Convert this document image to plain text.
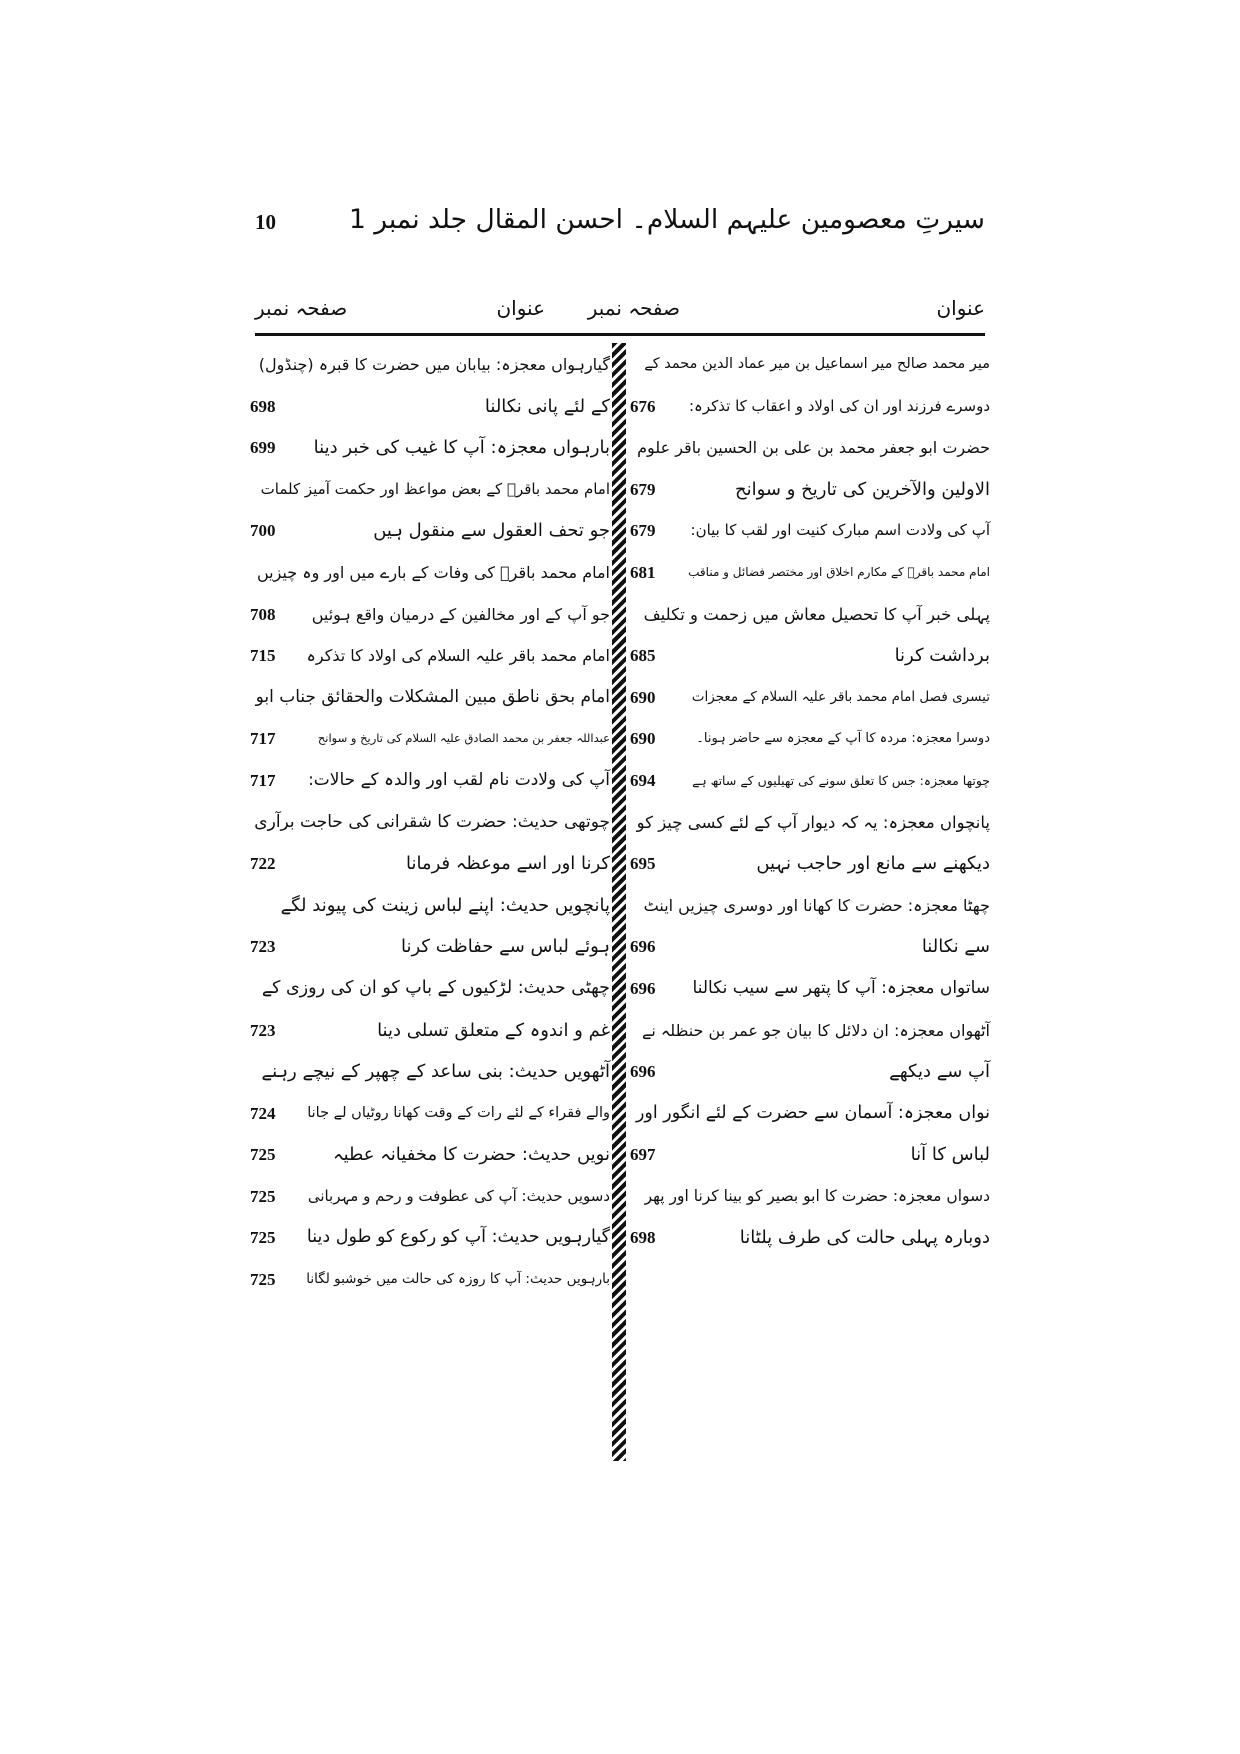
سیرتِ معصومین علیہم السلام۔ احسن المقال جلد نمبر 1
10
عنوان
صفحہ نمبر
عنوان
صفحہ نمبر
میر محمد صالح میر اسماعیل بن میر عماد الدین محمد کے
دوسرے فرزند اور ان کی اولاد و اعقاب کا تذکرہ:
676
حضرت ابو جعفر محمد بن علی بن الحسین باقر علوم
الاولین والآخرین کی تاریخ و سوانح
679
آپ کی ولادت اسم مبارک کنیت اور لقب کا بیان:
679
امام محمد باقرؑ کے مکارم اخلاق اور مختصر فضائل و مناقب
681
پہلی خبر آپ کا تحصیل معاش میں زحمت و تکلیف
برداشت کرنا
685
تیسری فصل امام محمد باقر علیہ السلام کے معجزات
690
دوسرا معجزہ: مردہ کا آپ کے معجزہ سے حاضر ہونا۔
690
چوتھا معجزہ: جس کا تعلق سونے کی تھیلیوں کے ساتھ ہے
694
پانچواں معجزہ: یہ کہ دیوار آپ کے لئے کسی چیز کو
دیکھنے سے مانع اور حاجب نہیں
695
چھٹا معجزہ: حضرت کا کھانا اور دوسری چیزیں اینٹ
سے نکالنا
696
ساتواں معجزہ: آپ کا پتھر سے سیب نکالنا
696
آٹھواں معجزہ: ان دلائل کا بیان جو عمر بن حنظلہ نے
آپ سے دیکھے
696
نواں معجزہ: آسمان سے حضرت کے لئے انگور اور
لباس کا آنا
697
دسواں معجزہ: حضرت کا ابو بصیر کو بینا کرنا اور پھر
دوبارہ پہلی حالت کی طرف پلٹانا
698
گیارہواں معجزہ: بیابان میں حضرت کا قبرہ (چنڈول)
کے لئے پانی نکالنا
698
بارہواں معجزہ: آپ کا غیب کی خبر دینا
699
امام محمد باقرؑ کے بعض مواعظ اور حکمت آمیز کلمات
جو تحف العقول سے منقول ہیں
700
امام محمد باقرؑ کی وفات کے بارے میں اور وہ چیزیں
جو آپ کے اور مخالفین کے درمیان واقع ہوئیں
708
امام محمد باقر علیہ السلام کی اولاد کا تذکرہ
715
امام بحق ناطق مبین المشکلات والحقائق جناب ابو
عبداللہ جعفر بن محمد الصادق علیہ السلام کی تاریخ و سوانح
717
آپ کی ولادت نام لقب اور والدہ کے حالات:
717
چوتھی حدیث: حضرت کا شقرانی کی حاجت برآری
کرنا اور اسے موعظہ فرمانا
722
پانچویں حدیث: اپنے لباس زینت کی پیوند لگے
ہوئے لباس سے حفاظت کرنا
723
چھٹی حدیث: لڑکیوں کے باپ کو ان کی روزی کے
غم و اندوہ کے متعلق تسلی دینا
723
آٹھویں حدیث: بنی ساعد کے چھپر کے نیچے رہنے
والے فقراء کے لئے رات کے وقت کھانا روٹیاں لے جانا
724
نویں حدیث: حضرت کا مخفیانہ عطیہ
725
دسویں حدیث: آپ کی عطوفت و رحم و مہربانی
725
گیارہویں حدیث: آپ کو رکوع کو طول دینا
725
بارہویں حدیث: آپ کا روزہ کی حالت میں خوشبو لگانا
725
